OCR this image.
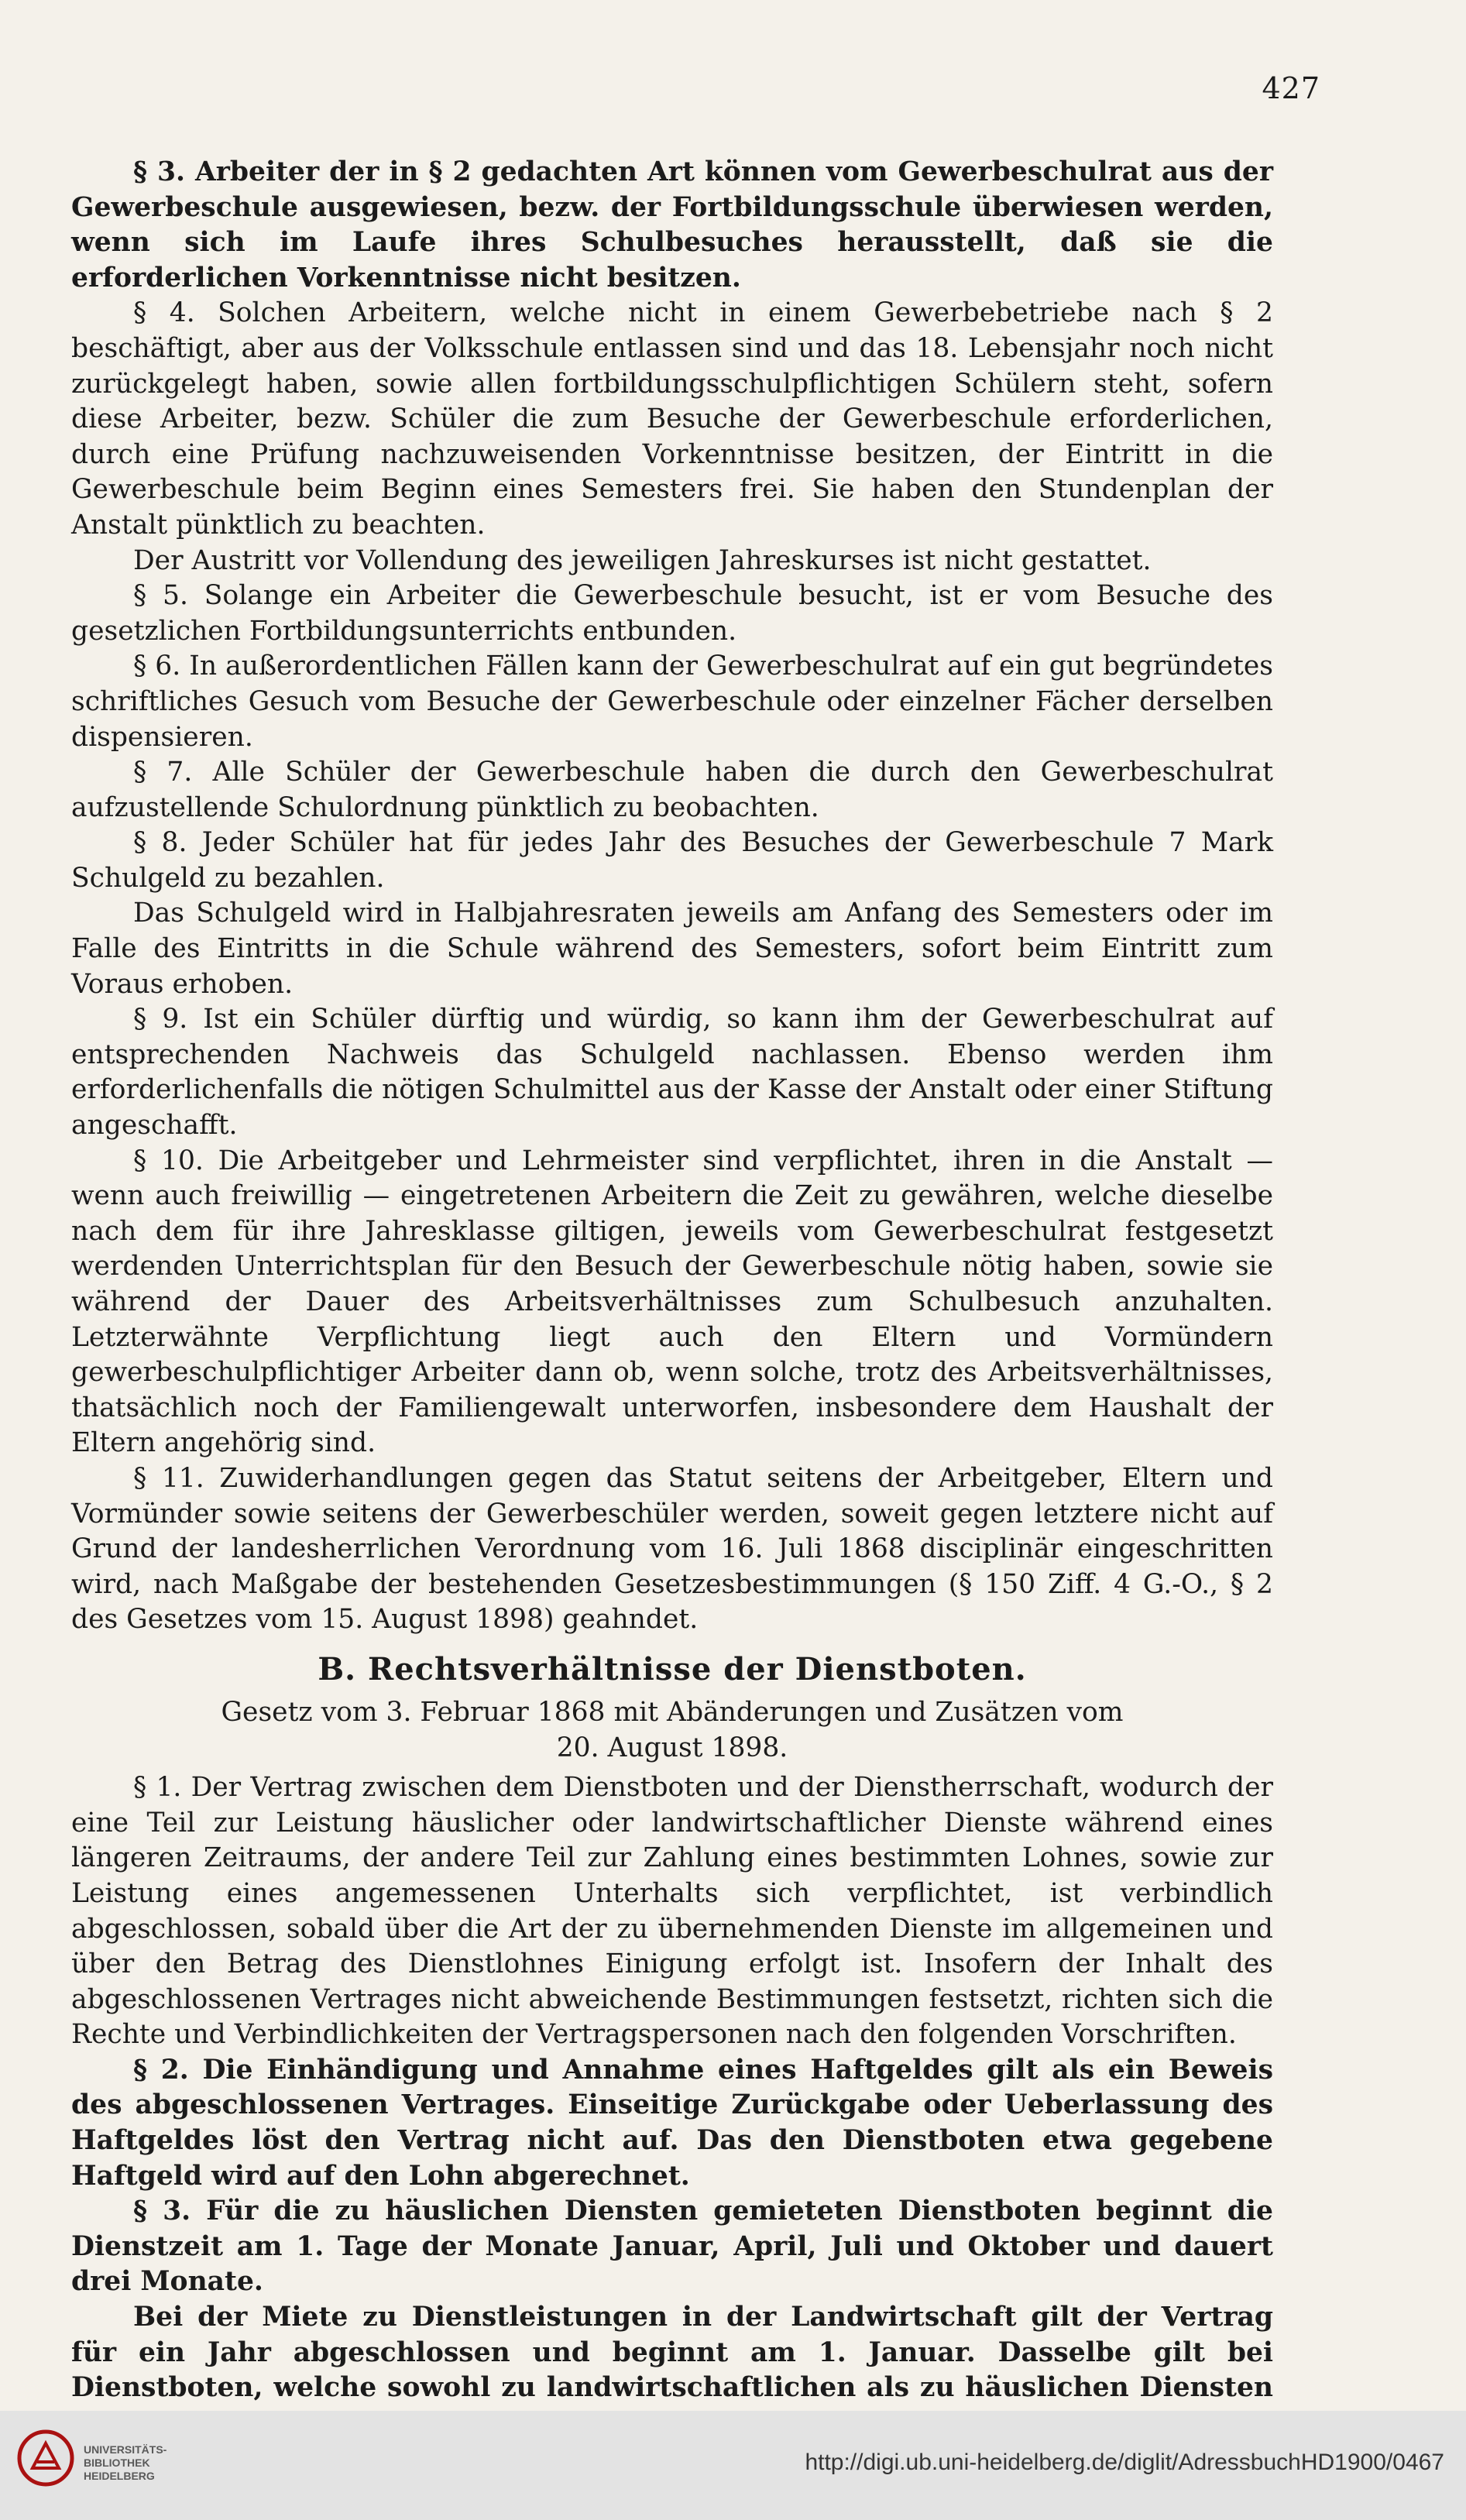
427

§ 3. Arbeiter der in § 2 gedachten Art können vom Gewerbeschulrat aus der Gewerbeschule ausgewiesen, bezw. der Fortbildungsschule überwiesen werden, wenn sich im Laufe ihres Schulbesuches herausstellt, daß sie die erforderlichen Vorkenntnisse nicht besitzen.

§ 4. Solchen Arbeitern, welche nicht in einem Gewerbebetriebe nach § 2 beschäftigt, aber aus der Volksschule entlassen sind und das 18. Lebensjahr noch nicht zurückgelegt haben, sowie allen fortbildungsschulpflichtigen Schülern steht, sofern diese Arbeiter, bezw. Schüler die zum Besuche der Gewerbeschule erforderlichen, durch eine Prüfung nachzuweisenden Vorkenntnisse besitzen, der Eintritt in die Gewerbeschule beim Beginn eines Semesters frei. Sie haben den Stundenplan der Anstalt pünktlich zu beachten.

Der Austritt vor Vollendung des jeweiligen Jahreskurses ist nicht gestattet.

§ 5. Solange ein Arbeiter die Gewerbeschule besucht, ist er vom Besuche des gesetzlichen Fortbildungsunterrichts entbunden.

§ 6. In außerordentlichen Fällen kann der Gewerbeschulrat auf ein gut begründetes schriftliches Gesuch vom Besuche der Gewerbeschule oder einzelner Fächer derselben dispensieren.

§ 7. Alle Schüler der Gewerbeschule haben die durch den Gewerbeschulrat aufzustellende Schulordnung pünktlich zu beobachten.

§ 8. Jeder Schüler hat für jedes Jahr des Besuches der Gewerbeschule 7 Mark Schulgeld zu bezahlen.

Das Schulgeld wird in Halbjahresraten jeweils am Anfang des Semesters oder im Falle des Eintritts in die Schule während des Semesters, sofort beim Eintritt zum Voraus erhoben.

§ 9. Ist ein Schüler dürftig und würdig, so kann ihm der Gewerbeschulrat auf entsprechenden Nachweis das Schulgeld nachlassen. Ebenso werden ihm erforderlichenfalls die nötigen Schulmittel aus der Kasse der Anstalt oder einer Stiftung angeschafft.

§ 10. Die Arbeitgeber und Lehrmeister sind verpflichtet, ihren in die Anstalt — wenn auch freiwillig — eingetretenen Arbeitern die Zeit zu gewähren, welche dieselbe nach dem für ihre Jahresklasse giltigen, jeweils vom Gewerbeschulrat festgesetzt werdenden Unterrichtsplan für den Besuch der Gewerbeschule nötig haben, sowie sie während der Dauer des Arbeitsverhältnisses zum Schulbesuch anzuhalten. Letzterwähnte Verpflichtung liegt auch den Eltern und Vormündern gewerbeschulpflichtiger Arbeiter dann ob, wenn solche, trotz des Arbeitsverhältnisses, thatsächlich noch der Familiengewalt unterworfen, insbesondere dem Haushalt der Eltern angehörig sind.

§ 11. Zuwiderhandlungen gegen das Statut seitens der Arbeitgeber, Eltern und Vormünder sowie seitens der Gewerbeschüler werden, soweit gegen letztere nicht auf Grund der landesherrlichen Verordnung vom 16. Juli 1868 disciplinär eingeschritten wird, nach Maßgabe der bestehenden Gesetzesbestimmungen (§ 150 Ziff. 4 G.-O., § 2 des Gesetzes vom 15. August 1898) geahndet.

B. Rechtsverhältnisse der Dienstboten.
Gesetz vom 3. Februar 1868 mit Abänderungen und Zusätzen vom
20. August 1898.

§ 1. Der Vertrag zwischen dem Dienstboten und der Dienstherrschaft, wodurch der eine Teil zur Leistung häuslicher oder landwirtschaftlicher Dienste während eines längeren Zeitraums, der andere Teil zur Zahlung eines bestimmten Lohnes, sowie zur Leistung eines angemessenen Unterhalts sich verpflichtet, ist verbindlich abgeschlossen, sobald über die Art der zu übernehmenden Dienste im allgemeinen und über den Betrag des Dienstlohnes Einigung erfolgt ist. Insofern der Inhalt des abgeschlossenen Vertrages nicht abweichende Bestimmungen festsetzt, richten sich die Rechte und Verbindlichkeiten der Vertragspersonen nach den folgenden Vorschriften.

§ 2. Die Einhändigung und Annahme eines Haftgeldes gilt als ein Beweis des abgeschlossenen Vertrages. Einseitige Zurückgabe oder Ueberlassung des Haftgeldes löst den Vertrag nicht auf. Das den Dienstboten etwa gegebene Haftgeld wird auf den Lohn abgerechnet.

§ 3. Für die zu häuslichen Diensten gemieteten Dienstboten beginnt die Dienstzeit am 1. Tage der Monate Januar, April, Juli und Oktober und dauert drei Monate.

Bei der Miete zu Dienstleistungen in der Landwirtschaft gilt der Vertrag für ein Jahr abgeschlossen und beginnt am 1. Januar. Dasselbe gilt bei Dienstboten, welche sowohl zu landwirtschaftlichen als zu häuslichen Diensten

UNIVERSITÄTS-
BIBLIOTHEK
HEIDELBERG
http://digi.ub.uni-heidelberg.de/diglit/AdressbuchHD1900/0467
